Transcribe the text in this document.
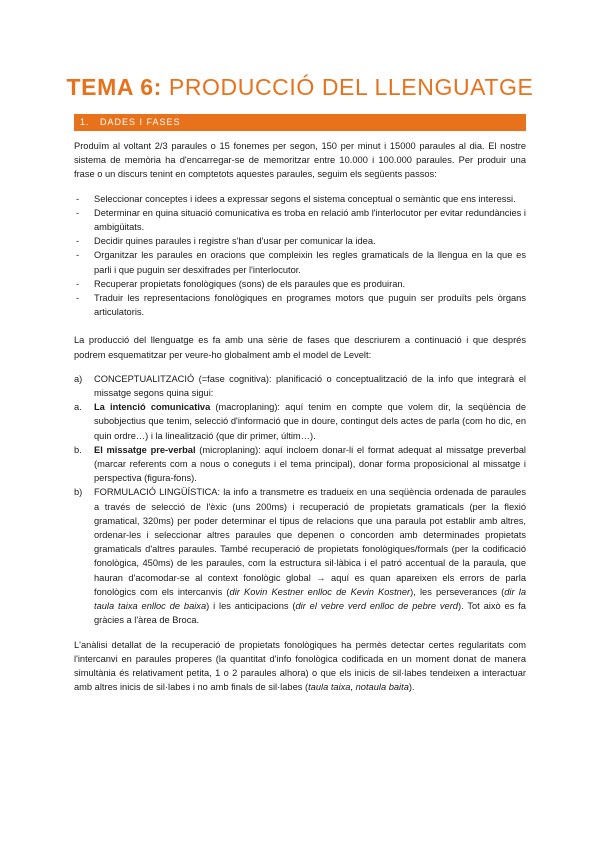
TEMA 6: PRODUCCIÓ DEL LLENGUATGE
1. DADES I FASES

Produïm al voltant 2/3 paraules o 15 fonemes per segon, 150 per minut i 15000 paraules al dia. El nostre sistema de memòria ha d'encarregar-se de memoritzar entre 10.000 i 100.000 paraules. Per produir una frase o un discurs tenint en comptetots aquestes paraules, seguim els següents passos:

- Seleccionar conceptes i idees a expressar segons el sistema conceptual o semàntic que ens interessi.
- Determinar en quina situació comunicativa es troba en relació amb l'interlocutor per evitar redundàncies i ambigüitats.
- Decidir quines paraules i registre s'han d'usar per comunicar la idea.
- Organitzar les paraules en oracions que compleixin les regles gramaticals de la llengua en la que es parli i que puguin ser desxifrades per l'interlocutor.
- Recuperar propietats fonològiques (sons) de els paraules que es produiran.
- Traduir les representacions fonològiques en programes motors que puguin ser produïts pels òrgans articulatoris.

La producció del llenguatge es fa amb una sèrie de fases que descriurem a continuació i que després podrem esquematitzar per veure-ho globalment amb el model de Levelt:

a) CONCEPTUALITZACIÓ (=fase cognitiva): planificació o conceptualització de la info que integrarà el missatge segons quina sigui:
a. La intenció comunicativa (macroplaning): aquí tenim en compte que volem dir, la seqüència de subobjectius que tenim, selecció d'informació que in doure, contingut dels actes de parla (com ho dic, en quin ordre…) i la linealització (que dir primer, últim…).
b. El missatge pre-verbal (microplaning): aquí incloem donar-li el format adequat al missatge preverbal (marcar referents com a nous o coneguts i el tema principal), donar forma proposicional al missatge i perspectiva (figura-fons).
b) FORMULACIÓ LINGÜÍSTICA: la info a transmetre es tradueix en una seqüència ordenada de paraules a través de selecció de l'èxic (uns 200ms) i recuperació de propietats gramaticals (per la flexió gramatical, 320ms) per poder determinar el tipus de relacions que una paraula pot establir amb altres, ordenar-les i seleccionar altres paraules que depenen o concorden amb determinades propietats gramaticals d'altres paraules. També recuperació de propietats fonològiques/formals (per la codificació fonològica, 450ms) de les paraules, com la estructura sil·làbica i el patró accentual de la paraula, que hauran d'acomodar-se al context fonològic global → aquí es quan apareixen els errors de parla fonològics com els intercanvis (dir Kovin Kestner enlloc de Kevin Kostner), les perseverances (dir la taula taixa enlloc de baixa) i les anticipacions (dir el vebre verd enlloc de pebre verd). Tot això es fa gràcies a l'àrea de Broca.

L'anàlisi detallat de la recuperació de propietats fonològiques ha permès detectar certes regularitats com l'intercanvi en paraules properes (la quantitat d'info fonològica codificada en un moment donat de manera simultània és relativament petita, 1 o 2 paraules alhora) o que els inicis de sil·labes tendeixen a interactuar amb altres inicis de sil·labes i no amb finals de sil·labes (taula taixa, notaula baita).
